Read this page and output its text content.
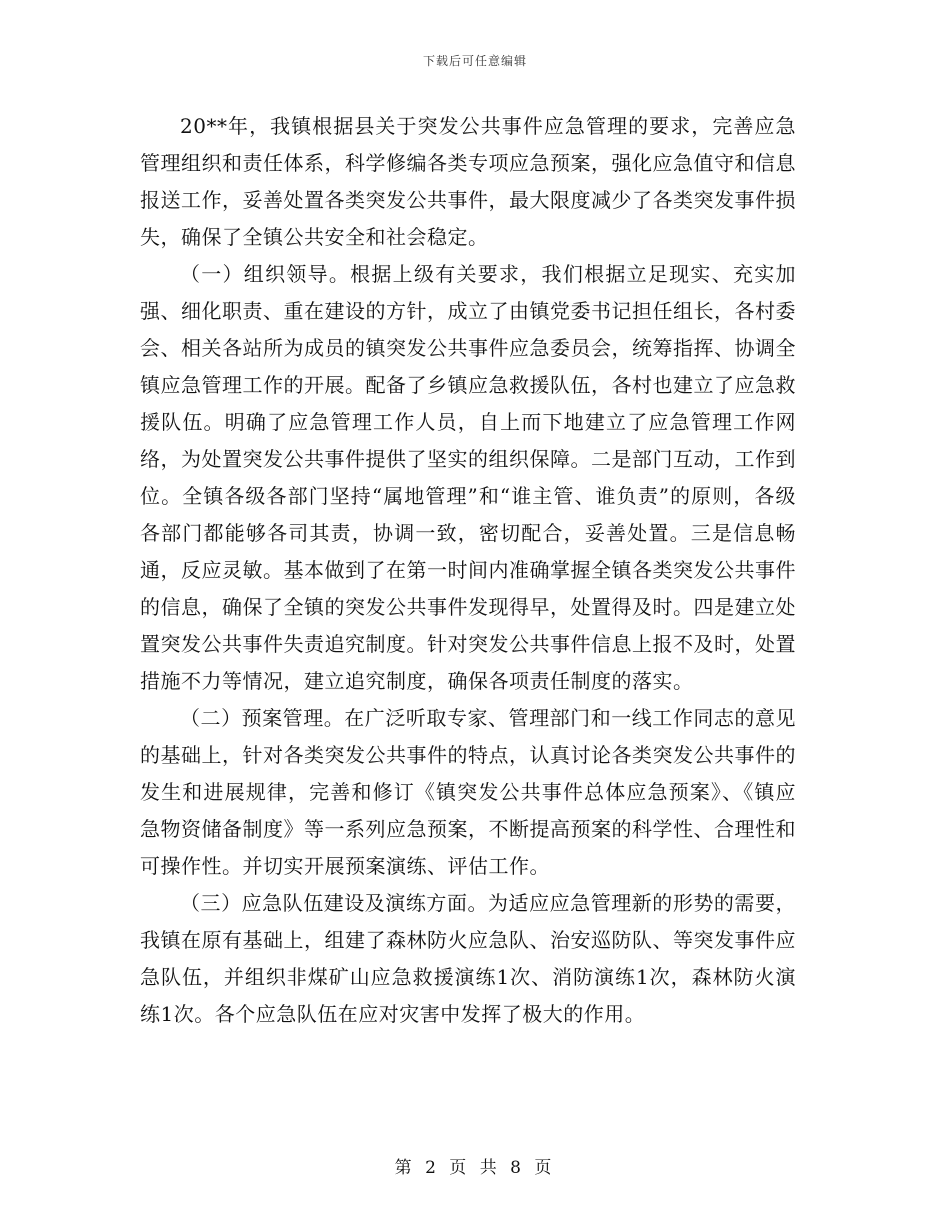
下载后可任意编辑

20**年，我镇根据县关于突发公共事件应急管理的要求，完善应急管理组织和责任体系，科学修编各类专项应急预案，强化应急值守和信息报送工作，妥善处置各类突发公共事件，最大限度减少了各类突发事件损失，确保了全镇公共安全和社会稳定。

（一）组织领导。根据上级有关要求，我们根据立足现实、充实加强、细化职责、重在建设的方针，成立了由镇党委书记担任组长，各村委会、相关各站所为成员的镇突发公共事件应急委员会，统筹指挥、协调全镇应急管理工作的开展。配备了乡镇应急救援队伍，各村也建立了应急救援队伍。明确了应急管理工作人员，自上而下地建立了应急管理工作网络，为处置突发公共事件提供了坚实的组织保障。二是部门互动，工作到位。全镇各级各部门坚持“属地管理”和“谁主管、谁负责”的原则，各级各部门都能够各司其责，协调一致，密切配合，妥善处置。三是信息畅通，反应灵敏。基本做到了在第一时间内准确掌握全镇各类突发公共事件的信息，确保了全镇的突发公共事件发现得早，处置得及时。四是建立处置突发公共事件失责追究制度。针对突发公共事件信息上报不及时，处置措施不力等情况，建立追究制度，确保各项责任制度的落实。

（二）预案管理。在广泛听取专家、管理部门和一线工作同志的意见的基础上，针对各类突发公共事件的特点，认真讨论各类突发公共事件的发生和进展规律，完善和修订《镇突发公共事件总体应急预案》、《镇应急物资储备制度》等一系列应急预案，不断提高预案的科学性、合理性和可操作性。并切实开展预案演练、评估工作。

（三）应急队伍建设及演练方面。为适应应急管理新的形势的需要，我镇在原有基础上，组建了森林防火应急队、治安巡防队、等突发事件应急队伍，并组织非煤矿山应急救援演练1次、消防演练1次，森林防火演练1次。各个应急队伍在应对灾害中发挥了极大的作用。

第 2 页 共 8 页
